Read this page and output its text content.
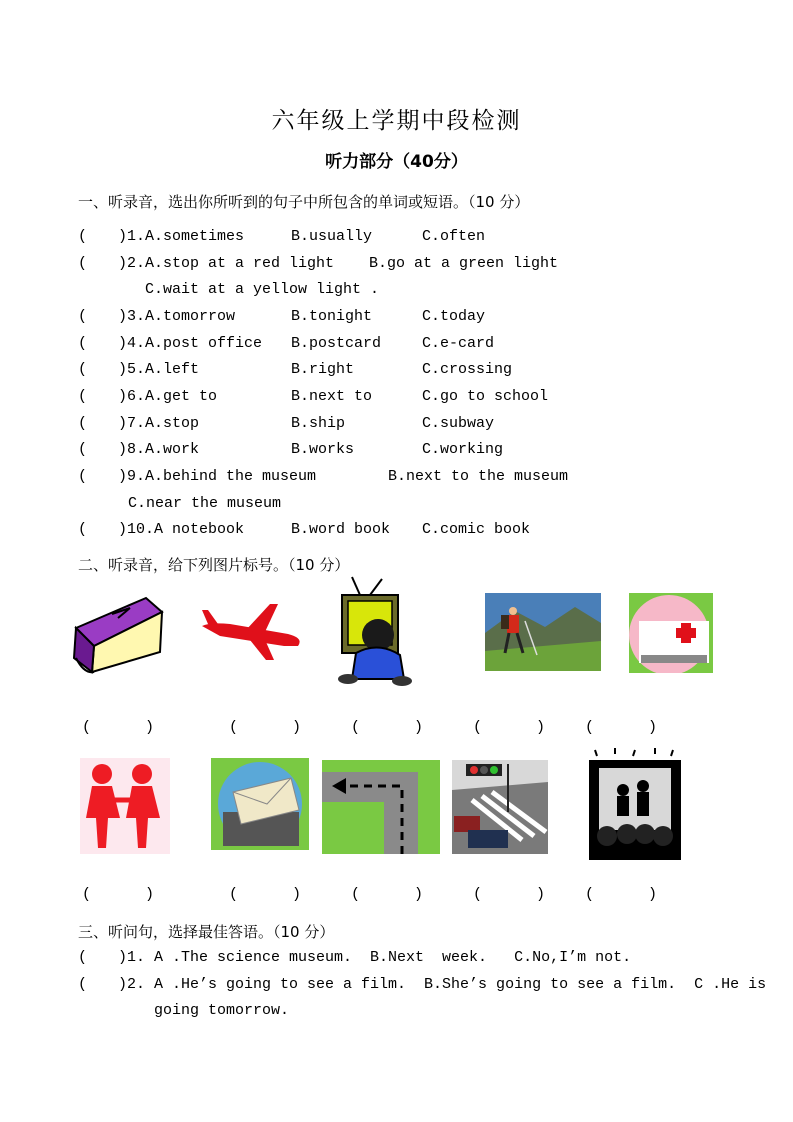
六年级上学期中段检测
听力部分（40分）
一、听录音，选出你所听到的句子中所包含的单词或短语。（10 分）
( )1.A.sometimes	B.usually	C.often
( )2.A.stop at a red light B.go at a green light
C.wait at a yellow light .
( )3.A.tomorrow	B.tonight	C.today
( )4.A.post office B.postcard	C.e-card
( )5.A.left	B.right	C.crossing
( )6.A.get to	B.next to	C.go to school
( )7.A.stop	B.ship	C.subway
( )8.A.work	B.works	C.working
( )9.A.behind the museum	B.next to the museum
C.near the museum
( )10.A notebook	B.word book C.comic book
二、听录音，给下列图片标号。（10 分）
(      )	(      )	(      )	(      )	(      )
(      )	(      )	(      )	(      )	(      )
三、听问句，选择最佳答语。（10 分）
( )1. A .The science museum.  B.Next  week.   C.No,I’m not.
( )2. A .He’s going to see a film.  B.She’s going to see a film.  C .He is
going tomorrow.
